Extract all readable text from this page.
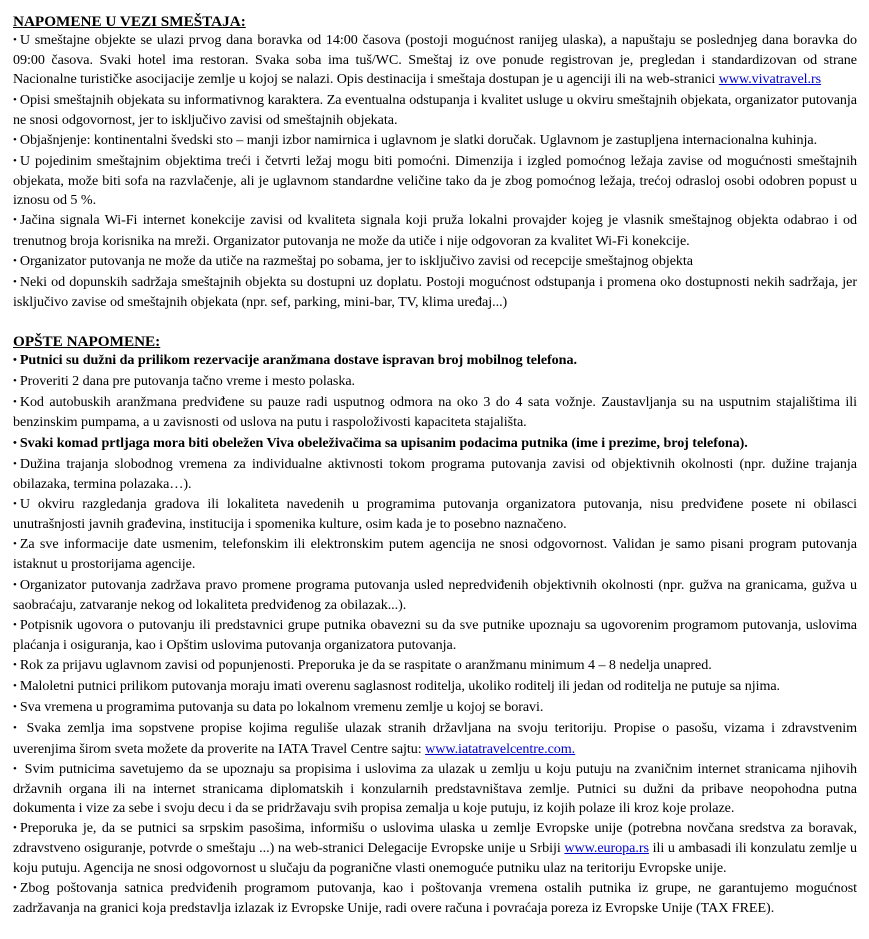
NAPOMENE U VEZI SMEŠTAJA:

• U smeštajne objekte se ulazi prvog dana boravka od 14:00 časova (postoji mogućnost ranijeg ulaska), a napuštaju se poslednjeg dana boravka do 09:00 časova. Svaki hotel ima restoran. Svaka soba ima tuš/WC. Smeštaj iz ove ponude registrovan je, pregledan i standardizovan od strane Nacionalne turističke asocijacije zemlje u kojoj se nalazi. Opis destinacija i smeštaja dostupan je u agenciji ili na web-stranici www.vivatravel.rs

• Opisi smeštajnih objekata su informativnog karaktera. Za eventualna odstupanja i kvalitet usluge u okviru smeštajnih objekata, organizator putovanja ne snosi odgovornost, jer to isključivo zavisi od smeštajnih objekata.

• Objašnjenje: kontinentalni švedski sto – manji izbor namirnica i uglavnom je slatki doručak. Uglavnom je zastupljena internacionalna kuhinja.

• U pojedinim smeštajnim objektima treći i četvrti ležaj mogu biti pomoćni. Dimenzija i izgled pomoćnog ležaja zavise od mogućnosti smeštajnih objekata, može biti sofa na razvlačenje, ali je uglavnom standardne veličine tako da je zbog pomoćnog ležaja, trećoj odrasloj osobi odobren popust u iznosu od 5 %.

• Jačina signala Wi-Fi internet konekcije zavisi od kvaliteta signala koji pruža lokalni provajder kojeg je vlasnik smeštajnog objekta odabrao i od trenutnog broja korisnika na mreži. Organizator putovanja ne može da utiče i nije odgovoran za kvalitet Wi-Fi konekcije.

• Organizator putovanja ne može da utiče na razmeštaj po sobama, jer to isključivo zavisi od recepcije smeštajnog objekta

• Neki od dopunskih sadržaja smeštajnih objekta su dostupni uz doplatu. Postoji mogućnost odstupanja i promena oko dostupnosti nekih sadržaja, jer isključivo zavise od smeštajnih objekata (npr. sef, parking, mini-bar, TV, klima uređaj...)

OPŠTE NAPOMENE:

• Putnici su dužni da prilikom rezervacije aranžmana dostave ispravan broj mobilnog telefona.

• Proveriti 2 dana pre putovanja tačno vreme i mesto polaska.

• Kod autobuskih aranžmana predviđene su pauze radi usputnog odmora na oko 3 do 4 sata vožnje. Zaustavljanja su na usputnim stajalištima ili benzinskim pumpama, a u zavisnosti od uslova na putu i raspoloživosti kapaciteta stajališta.

• Svaki komad prtljaga mora biti obeležen Viva obeleživačima sa upisanim podacima putnika (ime i prezime, broj telefona).

• Dužina trajanja slobodnog vremena za individualne aktivnosti tokom programa putovanja zavisi od objektivnih okolnosti (npr. dužine trajanja obilazaka, termina polazaka…).

• U okviru razgledanja gradova ili lokaliteta navedenih u programima putovanja organizatora putovanja, nisu predviđene posete ni obilasci unutrašnjosti javnih građevina, institucija i spomenika kulture, osim kada je to posebno naznačeno.

• Za sve informacije date usmenim, telefonskim ili elektronskim putem agencija ne snosi odgovornost. Validan je samo pisani program putovanja istaknut u prostorijama agencije.

• Organizator putovanja zadržava pravo promene programa putovanja usled nepredviđenih objektivnih okolnosti (npr. gužva na granicama, gužva u saobraćaju, zatvaranje nekog od lokaliteta predviđenog za obilazak...).

• Potpisnik ugovora o putovanju ili predstavnici grupe putnika obavezni su da sve putnike upoznaju sa ugovorenim programom putovanja, uslovima plaćanja i osiguranja, kao i Opštim uslovima putovanja organizatora putovanja.

• Rok za prijavu uglavnom zavisi od popunjenosti. Preporuka je da se raspitate o aranžmanu minimum 4 – 8 nedelja unapred.

• Maloletni putnici prilikom putovanja moraju imati overenu saglasnost roditelja, ukoliko roditelj ili jedan od roditelja ne putuje sa njima.

• Sva vremena u programima putovanja su data po lokalnom vremenu zemlje u kojoj se boravi.

• Svaka zemlja ima sopstvene propise kojima reguliše ulazak stranih državljana na svoju teritoriju. Propise o pasošu, vizama i zdravstvenim uverenjima širom sveta možete da proverite na IATA Travel Centre sajtu: www.iatatravelcentre.com.

• Svim putnicima savetujemo da se upoznaju sa propisima i uslovima za ulazak u zemlju u koju putuju na zvaničnim internet stranicama njihovih državnih organa ili na internet stranicama diplomatskih i konzularnih predstavništava zemlje. Putnici su dužni da pribave neopohodna putna dokumenta i vize za sebe i svoju decu i da se pridržavaju svih propisa zemalja u koje putuju, iz kojih polaze ili kroz koje prolaze.

• Preporuka je, da se putnici sa srpskim pasošima, informišu o uslovima ulaska u zemlje Evropske unije (potrebna novčana sredstva za boravak, zdravstveno osiguranje, potvrde o smeštaju ...) na web-stranici Delegacije Evropske unije u Srbiji www.europa.rs ili u ambasadi ili konzulatu zemlje u koju putuju. Agencija ne snosi odgovornost u slučaju da pogranične vlasti onemoguće putniku ulaz na teritoriju Evropske unije.

• Zbog poštovanja satnica predviđenih programom putovanja, kao i poštovanja vremena ostalih putnika iz grupe, ne garantujemo mogućnost zadržavanja na granici koja predstavlja izlazak iz Evropske Unije, radi overe računa i povraćaja poreza iz Evropske Unije (TAX FREE).
